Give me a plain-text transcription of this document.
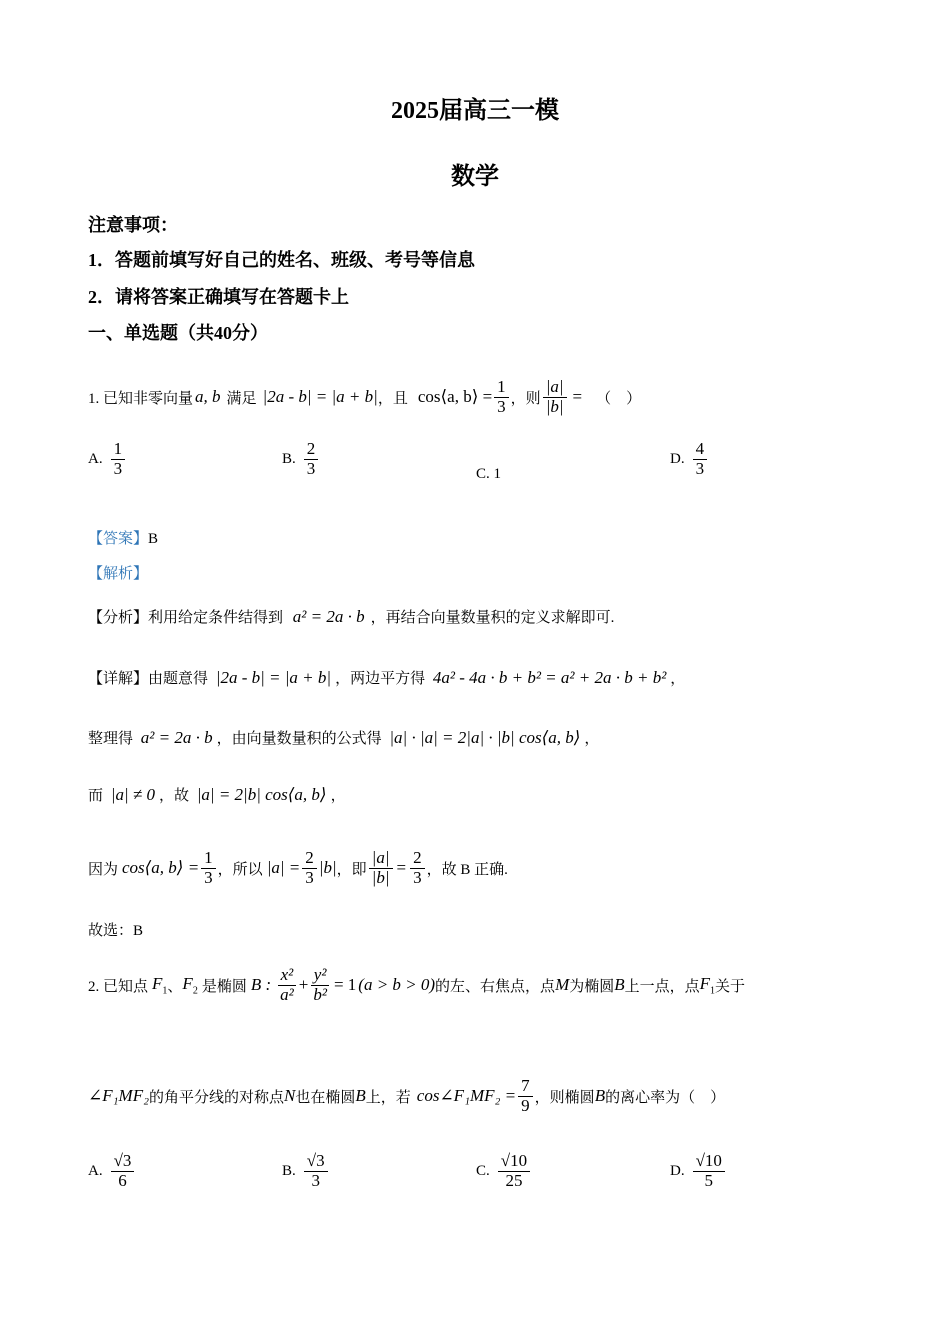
2025届高三一模
数学
注意事项：
1．答题前填写好自己的姓名、班级、考号等信息
2．请将答案正确填写在答题卡上
一、单选题（共40分）
1. 已知非零向量 a, b 满足 |2a - b| = |a + b| ，且 cos⟨a, b⟩ = $\frac{1}{3}$ ，则 $\frac{|a|}{|b|}$ = （　）
A. $\frac{1}{3}$	B. $\frac{2}{3}$	C. 1
D. $\frac{4}{3}$
【答案】B
【解析】
【分析】利用给定条件结得到 a² = 2a · b ，再结合向量数量积的定义求解即可.
【详解】由题意得 |2a - b| = |a + b| ，两边平方得 4a² - 4a · b + b² = a² + 2a · b + b² ，
整理得 a² = 2a · b ，由向量数量积的公式得 |a| · |a| = 2|a| · |b| cos⟨a, b⟩ ，
而 |a| ≠ 0 ，故 |a| = 2|b| cos⟨a, b⟩ ，
因为 cos⟨a, b⟩ = $\frac{1}{3}$ ，所以 $|a| = \frac{2}{3} |b|$ ，即 $\frac{|a|}{|b|} = \frac{2}{3}$ ，故 B 正确.
故选：B
2. 已知点 $F_1$ 、 $F_2$ 是椭圆 B : $\frac{\text{x²}}{\text{a²}} + \frac{\text{y²}}{\text{b²}} = 1$ (a > b > 0) 的左、右焦点，点 M 为椭圆 B 上一点，点 $F_1$ 关于
∠F₁MF₂ 的角平分线的对称点 N 也在椭圆 B 上，若 cos∠F₁MF₂ = $\frac{7}{9}$ ，则椭圆 B 的离心率为（　）
A. $\frac{√3}{6}$	B. $\frac{√3}{3}$	C. $\frac{√10}{25}$	D. $\frac{√10}{5}$
